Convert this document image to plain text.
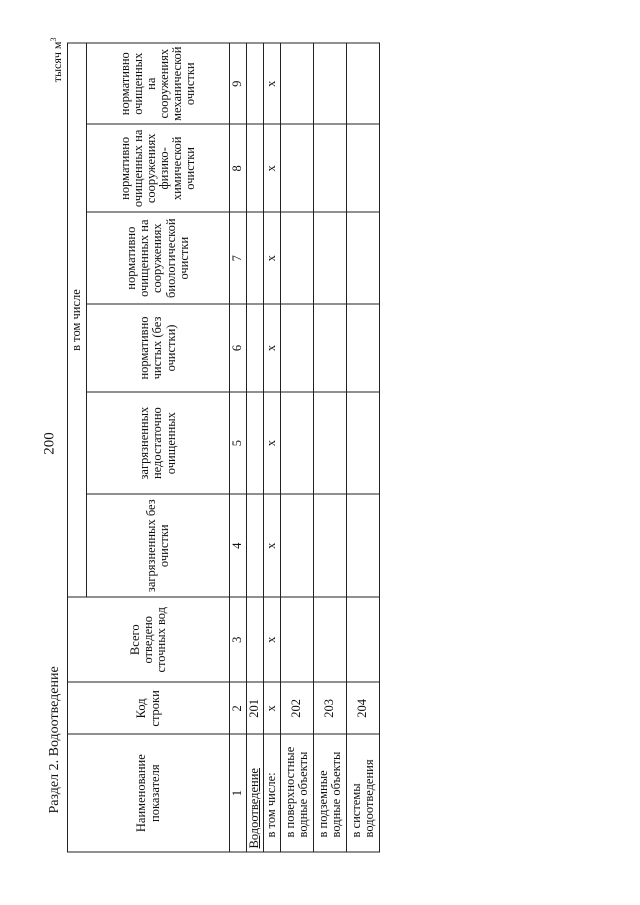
200
Раздел 2. Водоотведение
тысяч $м^3$
Наименование показателя	Код строки	Всего отведено сточных вод	в том числе					
			загрязненных без очистки	загрязненных недостаточно очищенных	нормативно чистых (без очистки)	нормативно очищенных на сооружениях биологической очистки	нормативно очищенных на сооружениях физико-химической очистки	нормативно очищенных на сооружениях механической очистки
1	2	3	4	5	6	7	8	9
Водоотведение	201							
в том числе:	x	x	x	x	x	x	x	x
в поверхностные водные объекты	202							
в подземные водные объекты	203							
в системы водоотведения	204							
